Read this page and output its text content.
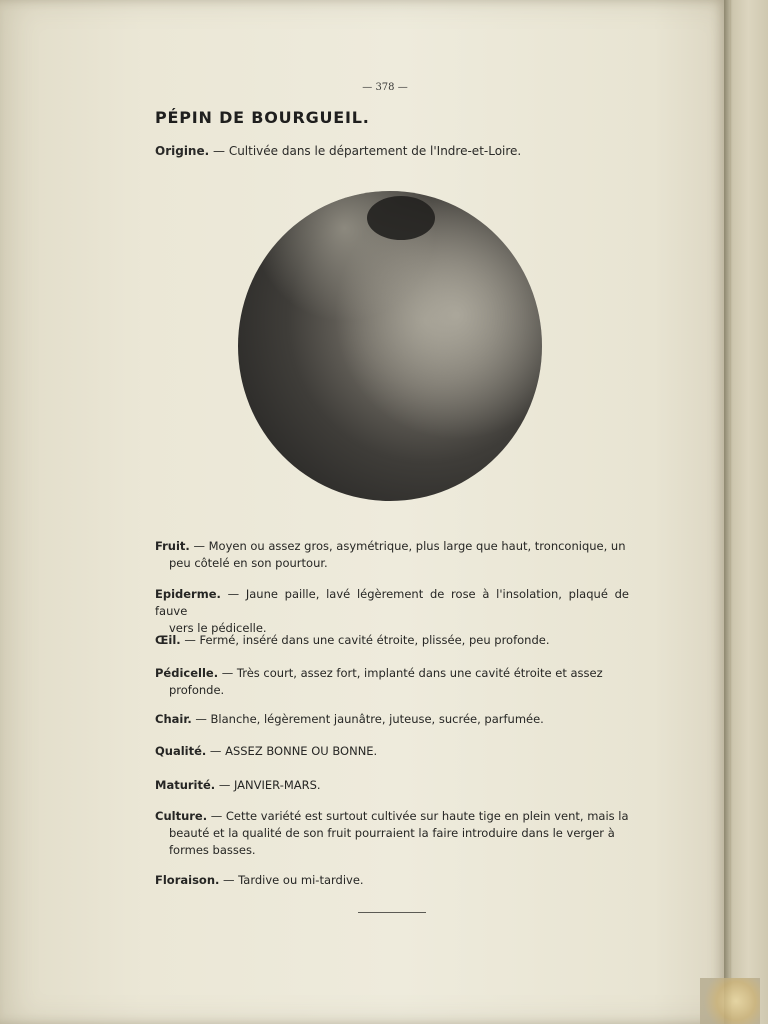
— 378 —
PÉPIN DE BOURGUEIL.
Origine. — Cultivée dans le département de l'Indre-et-Loire.
Fruit. — Moyen ou assez gros, asymétrique, plus large que haut, tronconique, un
peu côtelé en son pourtour.
Epiderme. — Jaune paille, lavé légèrement de rose à l'insolation, plaqué de fauve
vers le pédicelle.
Œil. — Fermé, inséré dans une cavité étroite, plissée, peu profonde.
Pédicelle. — Très court, assez fort, implanté dans une cavité étroite et assez
profonde.
Chair. — Blanche, légèrement jaunâtre, juteuse, sucrée, parfumée.
Qualité. — ASSEZ BONNE OU BONNE.
Maturité. — JANVIER-MARS.
Culture. — Cette variété est surtout cultivée sur haute tige en plein vent, mais la
beauté et la qualité de son fruit pourraient la faire introduire dans le verger à
formes basses.
Floraison. — Tardive ou mi-tardive.
